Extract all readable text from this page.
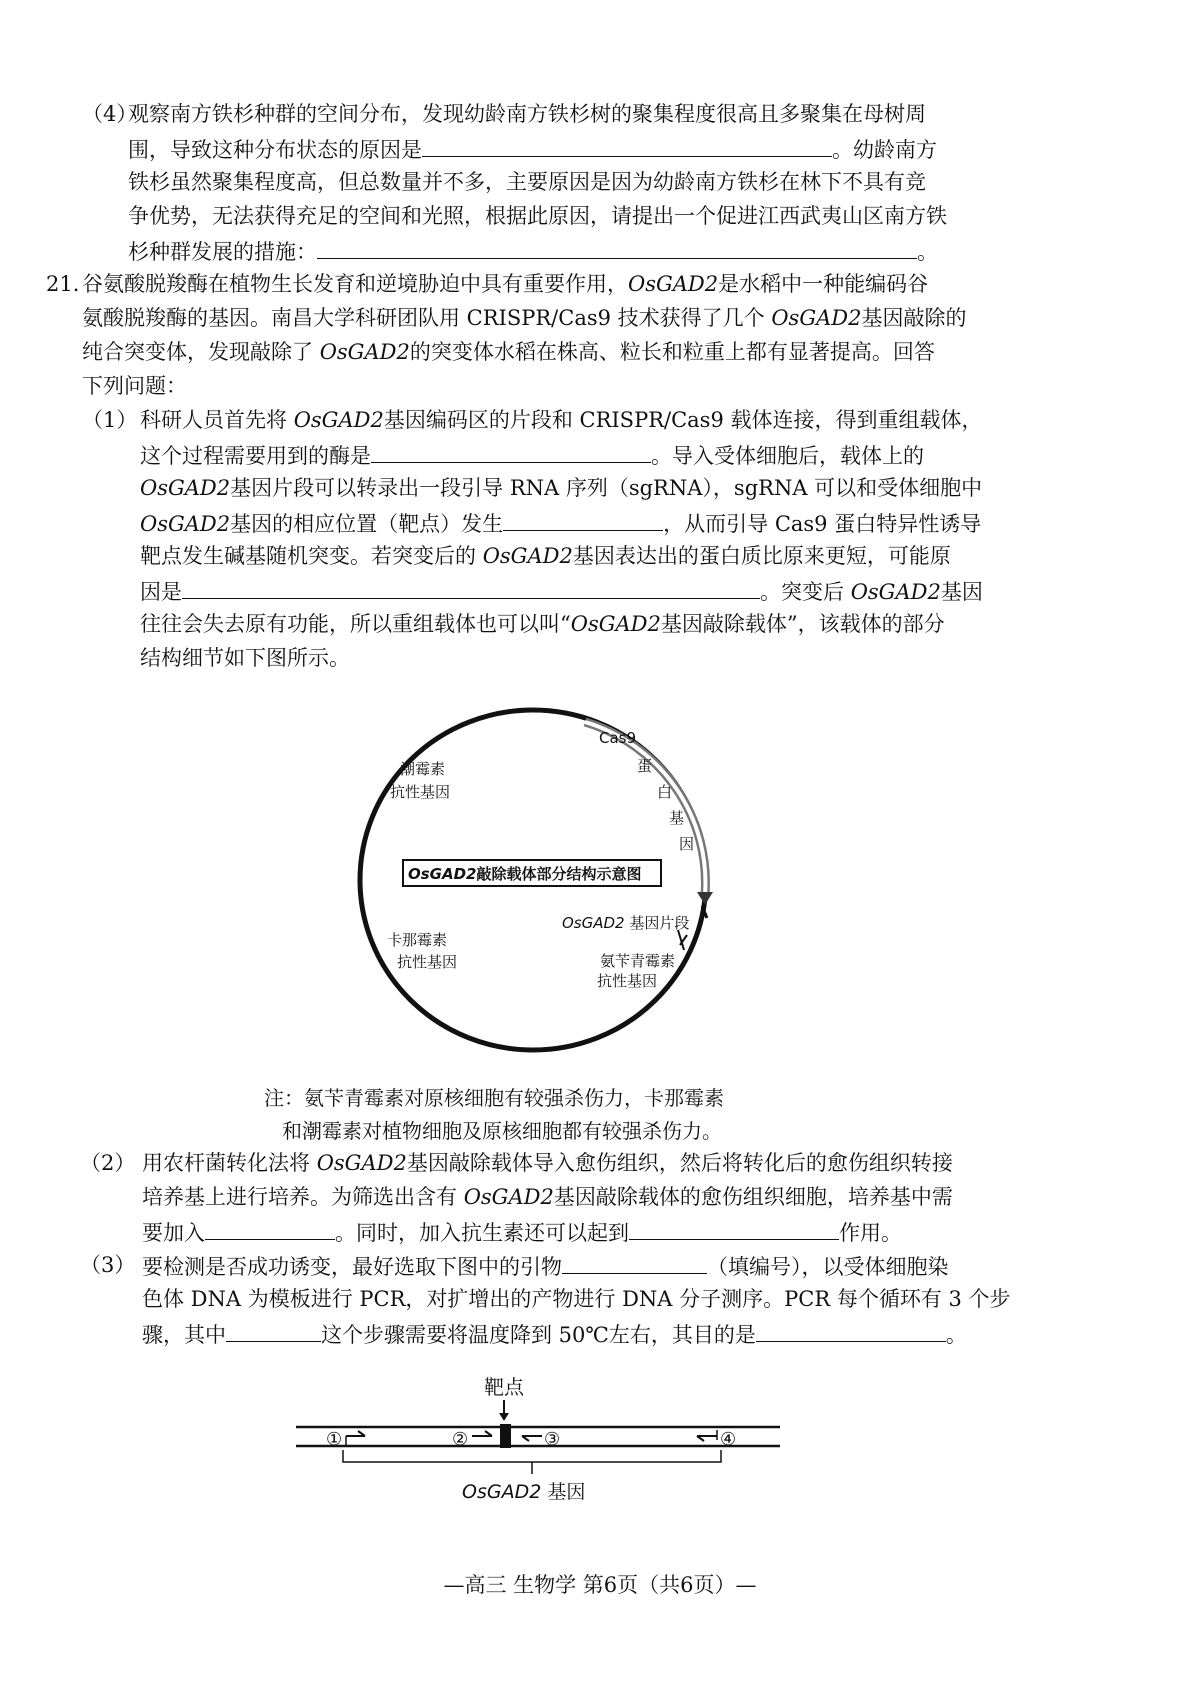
（4）
观察南方铁杉种群的空间分布，发现幼龄南方铁杉树的聚集程度很高且多聚集在母树周
围，导致这种分布状态的原因是	。幼龄南方
铁杉虽然聚集程度高，但总数量并不多，主要原因是因为幼龄南方铁杉在林下不具有竞
争优势，无法获得充足的空间和光照，根据此原因，请提出一个促进江西武夷山区南方铁
杉种群发展的措施：	。
21. 谷氨酸脱羧酶在植物生长发育和逆境胁迫中具有重要作用，OsGAD2是水稻中一种能编码谷
氨酸脱羧酶的基因。南昌大学科研团队用 CRISPR/Cas9 技术获得了几个 OsGAD2基因敲除的
纯合突变体，发现敲除了 OsGAD2的突变体水稻在株高、粒长和粒重上都有显著提高。回答
下列问题：
（1） 科研人员首先将 OsGAD2基因编码区的片段和 CRISPR/Cas9 载体连接，得到重组载体，
这个过程需要用到的酶是	。导入受体细胞后，载体上的
OsGAD2基因片段可以转录出一段引导 RNA 序列（sgRNA），sgRNA 可以和受体细胞中
OsGAD2基因的相应位置（靶点）发生	，从而引导 Cas9 蛋白特异性诱导
靶点发生碱基随机突变。若突变后的 OsGAD2基因表达出的蛋白质比原来更短，可能原
因是	。突变后 OsGAD2基因
往往会失去原有功能，所以重组载体也可以叫“OsGAD2基因敲除载体”，该载体的部分
结构细节如下图所示。
潮霉素
抗性基因
Cas9
蛋
白
基
因
OsGAD2敲除载体部分结构示意图
OsGAD2 基因片段
卡那霉素
抗性基因	氨苄青霉素
抗性基因
注：氨苄青霉素对原核细胞有较强杀伤力，卡那霉素
和潮霉素对植物细胞及原核细胞都有较强杀伤力。
（2） 用农杆菌转化法将 OsGAD2基因敲除载体导入愈伤组织，然后将转化后的愈伤组织转接
培养基上进行培养。为筛选出含有 OsGAD2基因敲除载体的愈伤组织细胞，培养基中需
要加入	。同时，加入抗生素还可以起到	作用。
（3） 要检测是否成功诱变，最好选取下图中的引物	（填编号），以受体细胞染
色体 DNA 为模板进行 PCR，对扩增出的产物进行 DNA 分子测序。PCR 每个循环有 3 个步
骤，其中	这个步骤需要将温度降到 50℃左右，其目的是	。
靶点
①	②	③	④
OsGAD2 基因
—高三 生物学 第6页（共6页）—
